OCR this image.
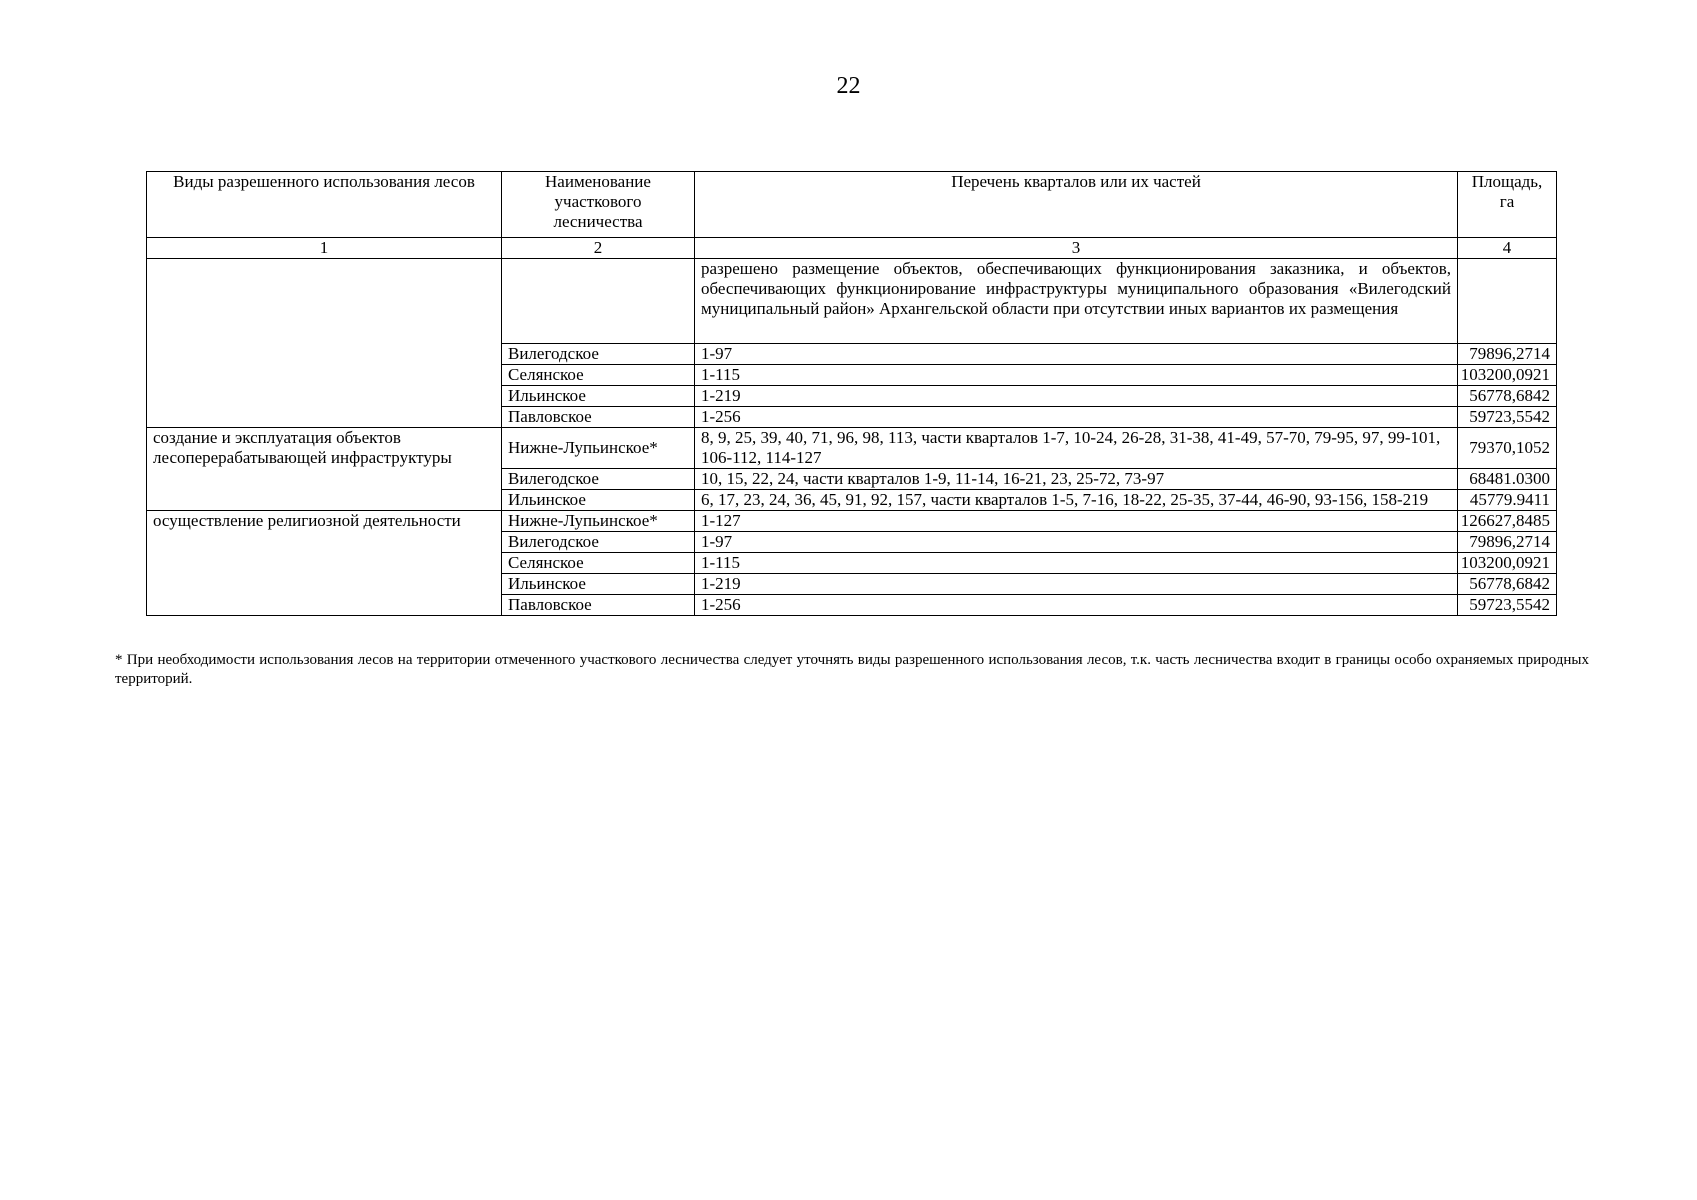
22
Виды разрешенного использования лесов	Наименование участкового лесничества	Перечень кварталов или их частей	Площадь, га
1	2	3	4
		разрешено размещение объектов, обеспечивающих функционирования заказника, и объектов, обеспечивающих функционирование инфраструктуры муниципального образования «Вилегодский муниципальный район» Архангельской области при отсутствии иных вариантов их размещения	
	Вилегодское	1-97	79896,2714
	Селянское	1-115	103200,0921
	Ильинское	1-219	56778,6842
	Павловское	1-256	59723,5542
создание и эксплуатация объектов лесоперерабатывающей инфраструктуры	Нижне-Лупьинское*	8, 9, 25, 39, 40, 71, 96, 98, 113, части кварталов 1-7, 10-24, 26-28, 31-38, 41-49, 57-70, 79-95, 97, 99-101, 106-112, 114-127	79370,1052
	Вилегодское	10, 15, 22, 24, части кварталов 1-9, 11-14, 16-21, 23, 25-72, 73-97	68481.0300
	Ильинское	6, 17, 23, 24, 36, 45, 91, 92, 157, части кварталов 1-5, 7-16, 18-22, 25-35, 37-44, 46-90, 93-156, 158-219	45779.9411
осуществление религиозной деятельности	Нижне-Лупьинское*	1-127	126627,8485
	Вилегодское	1-97	79896,2714
	Селянское	1-115	103200,0921
	Ильинское	1-219	56778,6842
	Павловское	1-256	59723,5542
* При необходимости использования лесов на территории отмеченного участкового лесничества следует уточнять виды разрешенного использования лесов, т.к. часть лесничества входит в границы особо охраняемых природных территорий.
